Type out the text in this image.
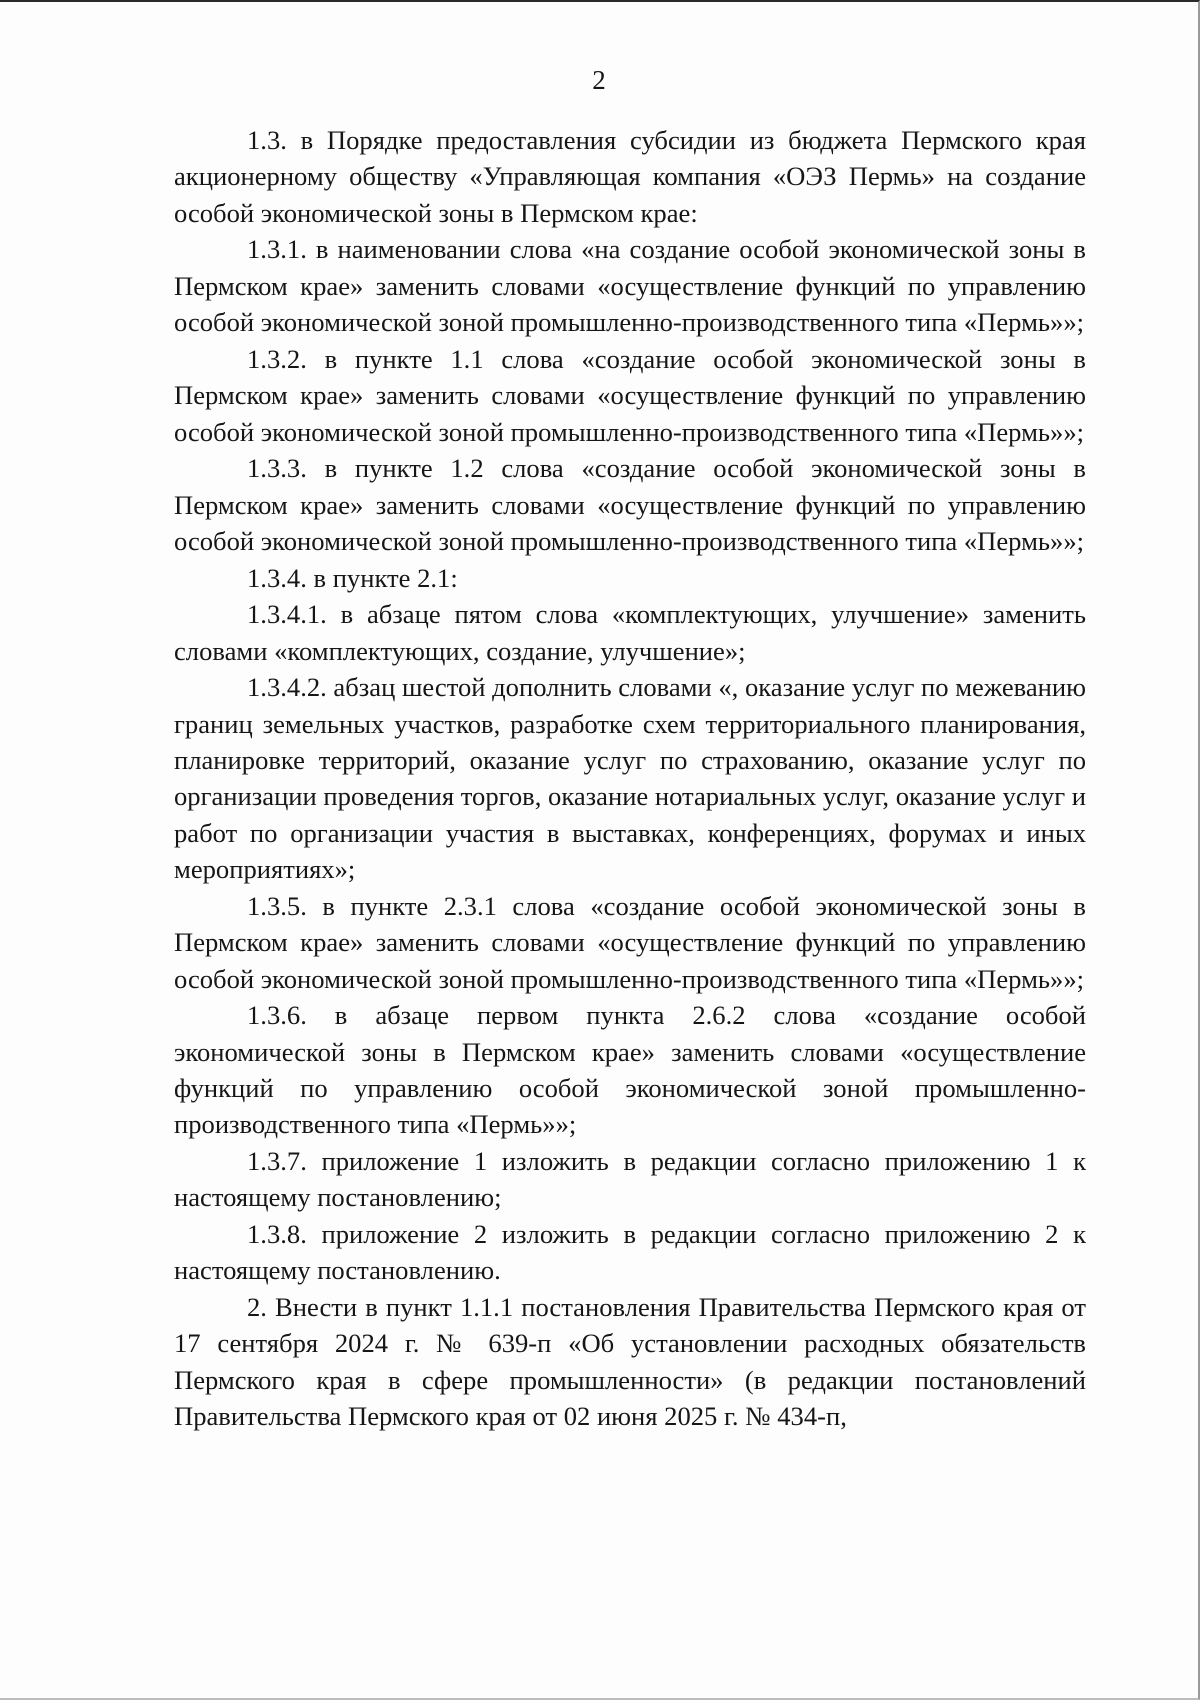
2

1.3. в Порядке предоставления субсидии из бюджета Пермского края акционерному обществу «Управляющая компания «ОЭЗ Пермь» на создание особой экономической зоны в Пермском крае:

1.3.1. в наименовании слова «на создание особой экономической зоны в Пермском крае» заменить словами «осуществление функций по управлению особой экономической зоной промышленно-производственного типа «Пермь»»;

1.3.2. в пункте 1.1 слова «создание особой экономической зоны в Пермском крае» заменить словами «осуществление функций по управлению особой экономической зоной промышленно-производственного типа «Пермь»»;

1.3.3. в пункте 1.2 слова «создание особой экономической зоны в Пермском крае» заменить словами «осуществление функций по управлению особой экономической зоной промышленно-производственного типа «Пермь»»;

1.3.4. в пункте 2.1:

1.3.4.1. в абзаце пятом слова «комплектующих, улучшение» заменить словами «комплектующих, создание, улучшение»;

1.3.4.2. абзац шестой дополнить словами «, оказание услуг по межеванию границ земельных участков, разработке схем территориального планирования, планировке территорий, оказание услуг по страхованию, оказание услуг по организации проведения торгов, оказание нотариальных услуг, оказание услуг и работ по организации участия в выставках, конференциях, форумах и иных мероприятиях»;

1.3.5. в пункте 2.3.1 слова «создание особой экономической зоны в Пермском крае» заменить словами «осуществление функций по управлению особой экономической зоной промышленно-производственного типа «Пермь»»;

1.3.6. в абзаце первом пункта 2.6.2 слова «создание особой экономической зоны в Пермском крае» заменить словами «осуществление функций по управлению особой экономической зоной промышленно-производственного типа «Пермь»»;

1.3.7. приложение 1 изложить в редакции согласно приложению 1 к настоящему постановлению;

1.3.8. приложение 2 изложить в редакции согласно приложению 2 к настоящему постановлению.

2. Внести в пункт 1.1.1 постановления Правительства Пермского края от 17 сентября 2024 г. № 639-п «Об установлении расходных обязательств Пермского края в сфере промышленности» (в редакции постановлений Правительства Пермского края от 02 июня 2025 г. № 434-п,
